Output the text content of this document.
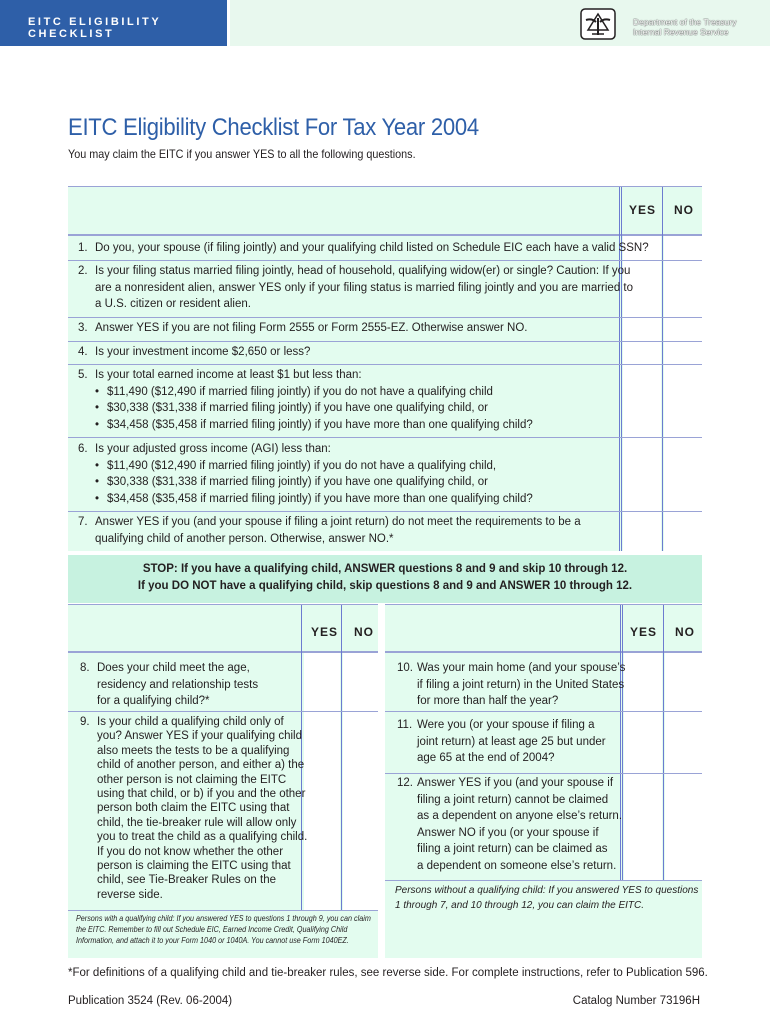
EITC ELIGIBILITY CHECKLIST
Department of the Treasury
Internal Revenue Service
EITC Eligibility Checklist For Tax Year 2004
You may claim the EITC if you answer YES to all the following questions.
YES NO
1. Do you, your spouse (if filing jointly) and your qualifying child listed on Schedule EIC each have a valid SSN?
2. Is your filing status married filing jointly, head of household, qualifying widow(er) or single? Caution: If you
are a nonresident alien, answer YES only if your filing status is married filing jointly and you are married to
a U.S. citizen or resident alien.
3. Answer YES if you are not filing Form 2555 or Form 2555-EZ. Otherwise answer NO.
4. Is your investment income $2,650 or less?
5. Is your total earned income at least $1 but less than:
• $11,490 ($12,490 if married filing jointly) if you do not have a qualifying child
• $30,338 ($31,338 if married filing jointly) if you have one qualifying child, or
• $34,458 ($35,458 if married filing jointly) if you have more than one qualifying child?
6. Is your adjusted gross income (AGI) less than:
• $11,490 ($12,490 if married filing jointly) if you do not have a qualifying child,
• $30,338 ($31,338 if married filing jointly) if you have one qualifying child, or
• $34,458 ($35,458 if married filing jointly) if you have more than one qualifying child?
7. Answer YES if you (and your spouse if filing a joint return) do not meet the requirements to be a
qualifying child of another person. Otherwise, answer NO.*
STOP: If you have a qualifying child, ANSWER questions 8 and 9 and skip 10 through 12.
If you DO NOT have a qualifying child, skip questions 8 and 9 and ANSWER 10 through 12.
YES NO
8. Does your child meet the age,
residency and relationship tests
for a qualifying child?*
9. Is your child a qualifying child only of
you? Answer YES if your qualifying child
also meets the tests to be a qualifying
child of another person, and either a) the
other person is not claiming the EITC
using that child, or b) if you and the other
person both claim the EITC using that
child, the tie-breaker rule will allow only
you to treat the child as a qualifying child.
If you do not know whether the other
person is claiming the EITC using that
child, see Tie-Breaker Rules on the
reverse side.
Persons with a qualifying child: If you answered YES to questions 1 through 9, you can claim
the EITC. Remember to fill out Schedule EIC, Earned Income Credit, Qualifying Child
Information, and attach it to your Form 1040 or 1040A. You cannot use Form 1040EZ.
YES NO
10. Was your main home (and your spouse’s
if filing a joint return) in the United States
for more than half the year?
11. Were you (or your spouse if filing a
joint return) at least age 25 but under
age 65 at the end of 2004?
12. Answer YES if you (and your spouse if
filing a joint return) cannot be claimed
as a dependent on anyone else’s return.
Answer NO if you (or your spouse if
filing a joint return) can be claimed as
a dependent on someone else’s return.
Persons without a qualifying child: If you answered YES to questions
1 through 7, and 10 through 12, you can claim the EITC.
*For definitions of a qualifying child and tie-breaker rules, see reverse side. For complete instructions, refer to Publication 596.
Publication 3524 (Rev. 06-2004)	Catalog Number 73196H
